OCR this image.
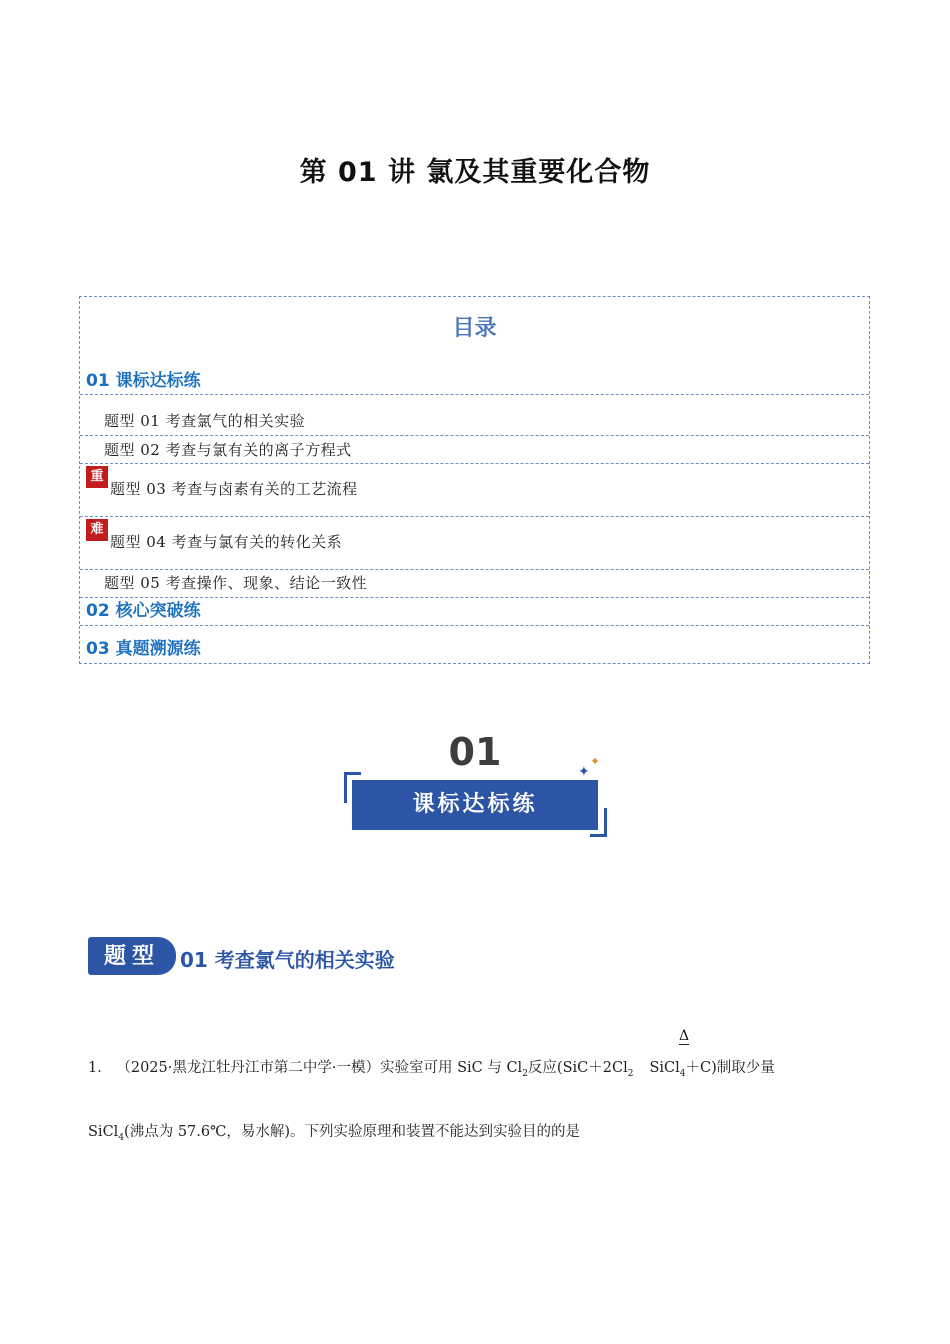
第 01 讲 氯及其重要化合物
目录
01 课标达标练
题型 01 考查氯气的相关实验
题型 02 考查与氯有关的离子方程式
重
题型 03 考查与卤素有关的工艺流程
难
题型 04 考查与氯有关的转化关系
题型 05 考查操作、现象、结论一致性
02 核心突破练
03 真题溯源练
01	✦
◆
课标达标练
题型	01 考查氯气的相关实验
Δ
1． （2025·黑龙江牡丹江市第二中学·一模）实验室可用 SiC 与 $Cl_2$反应($SiC+2Cl_2$ SiCl$_4$＋C)制取少量
SiCl$_4$(沸点为 57.6℃，易水解)。下列实验原理和装置不能达到实验目的的是
